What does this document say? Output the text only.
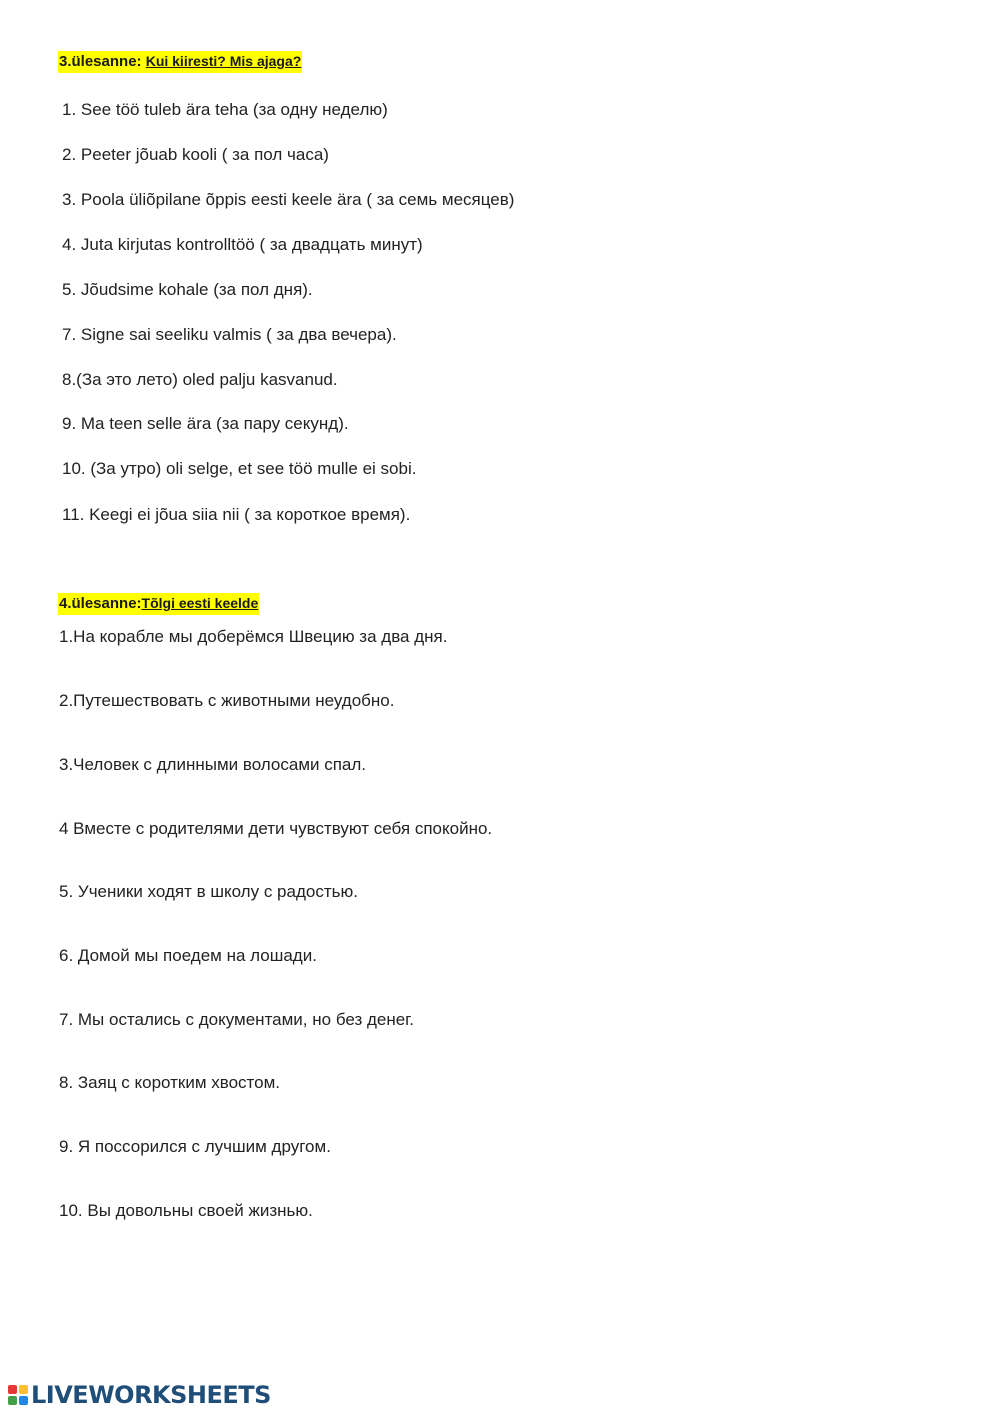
3.ülesanne: Kui kiiresti? Mis ajaga?
1. See töö tuleb ära teha (за одну неделю)
2. Peeter jõuab kooli ( за пол часа)
3. Poola üliõpilane õppis eesti keele ära ( за семь месяцев)
4. Juta kirjutas kontrolltöö ( за двадцать минут)
5. Jõudsime kohale (за пол дня).
7. Signe sai seeliku valmis ( за два вечера).
8.(За это лето) oled palju kasvanud.
9. Ma teen selle ära (за пару секунд).
10. (За утро) oli selge, et see töö mulle ei sobi.
11. Keegi ei jõua siia nii ( за короткое время).
4.ülesanne:Tõlgi eesti keelde
1.На корабле мы доберёмся Швецию за два дня.
2.Путешествовать с животными неудобно.
3.Человек с длинными волосами спал.
4 Вместе с родителями дети чувствуют себя спокойно.
5. Ученики ходят в школу с радостью.
6. Домой мы поедем на лошади.
7. Мы остались с документами, но без денег.
8. Заяц с коротким хвостом.
9. Я поссорился с лучшим другом.
10. Вы довольны своей жизнью.
LIVEWORKSHEETS
